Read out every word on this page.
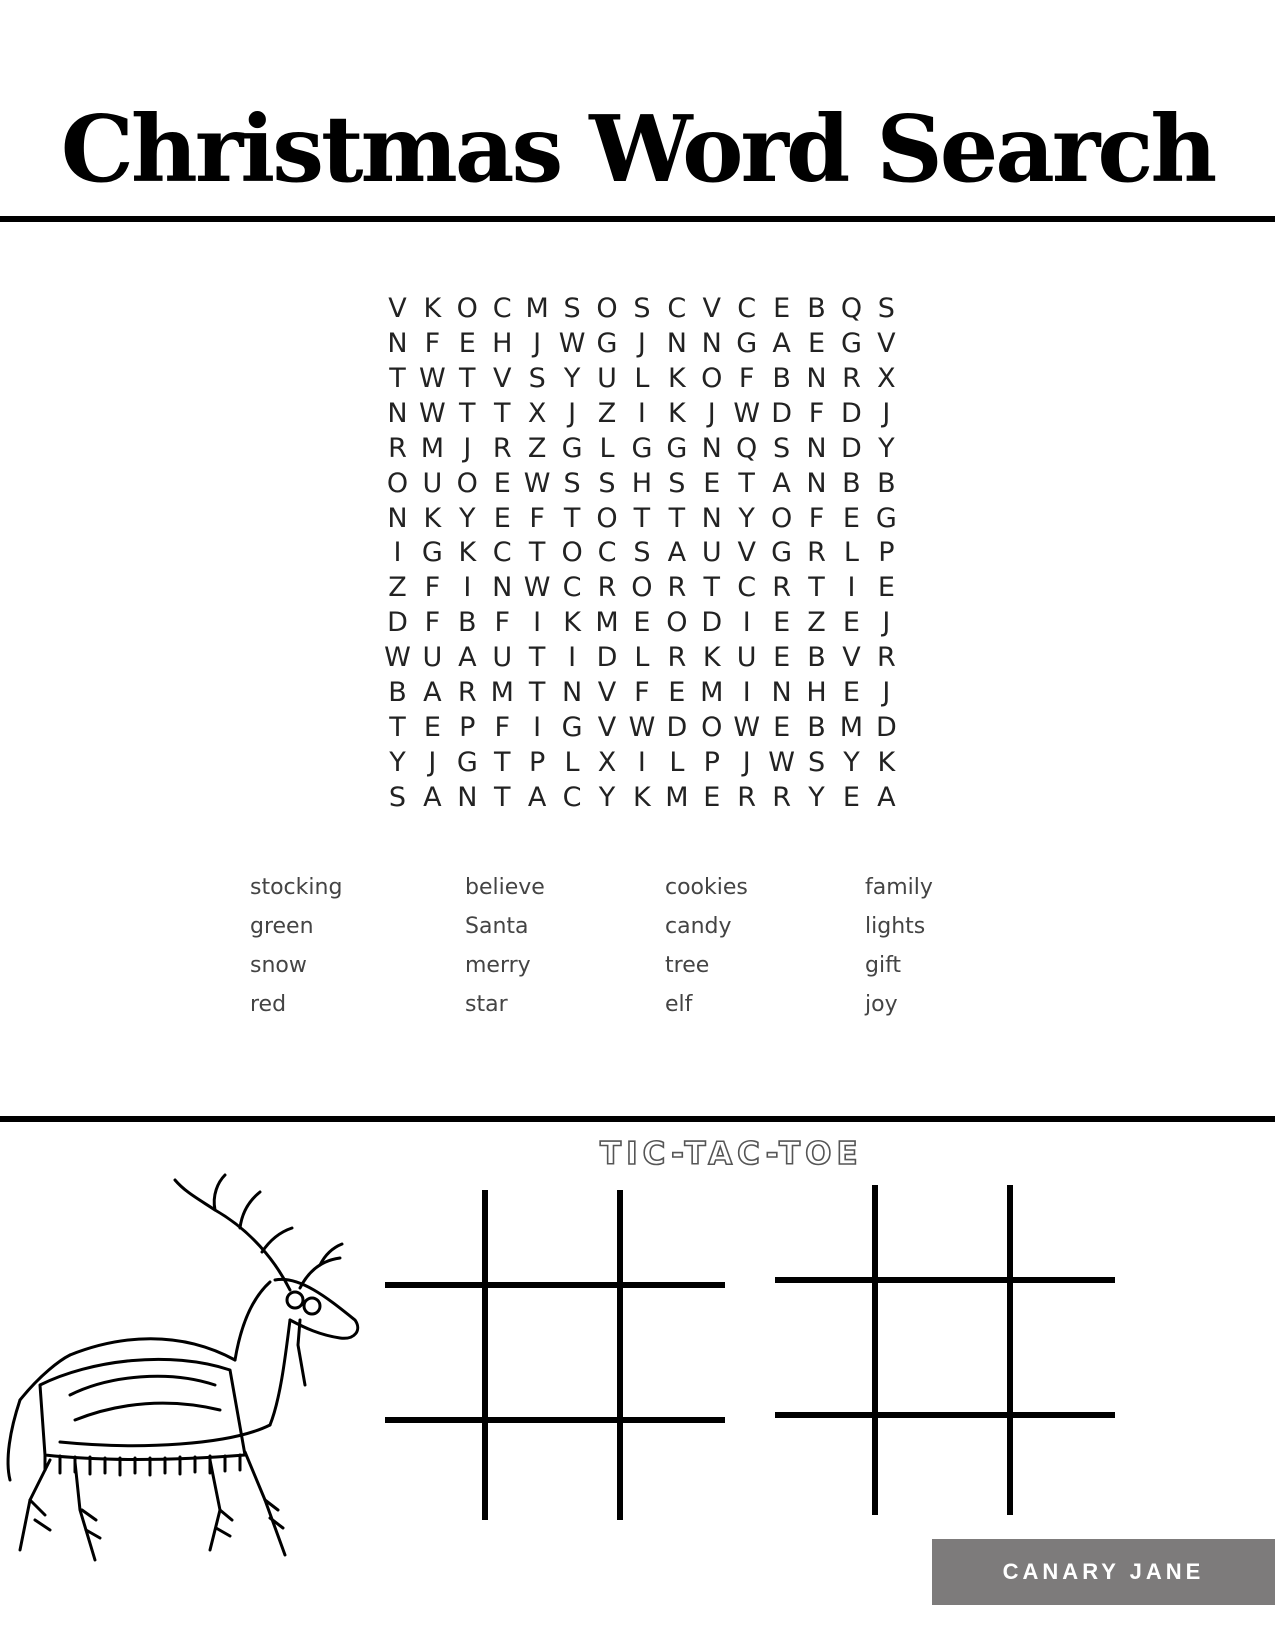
Christmas Word Search
V K O C M S O S C V C E B Q S
N F E H J W G J N N G A E G V
T W T V S Y U L K O F B N R X
N W T T X J Z I K J W D F D J
R M J R Z G L G G N Q S N D Y
O U O E W S S H S E T A N B B
N K Y E F T O T T N Y O F E G
I G K C T O C S A U V G R L P
Z F I N W C R O R T C R T I E
D F B F I K M E O D I E Z E J
W U A U T I D L R K U E B V R
B A R M T N V F E M I N H E J
T E P F I G V W D O W E B M D
Y J G T P L X I L P J W S Y K
S A N T A C Y K M E R R Y E A
stocking
green
snow
red
believe
Santa
merry
star
cookies
candy
tree
elf
family
lights
gift
joy
TIC-TAC-TOE
CANARY JANE
